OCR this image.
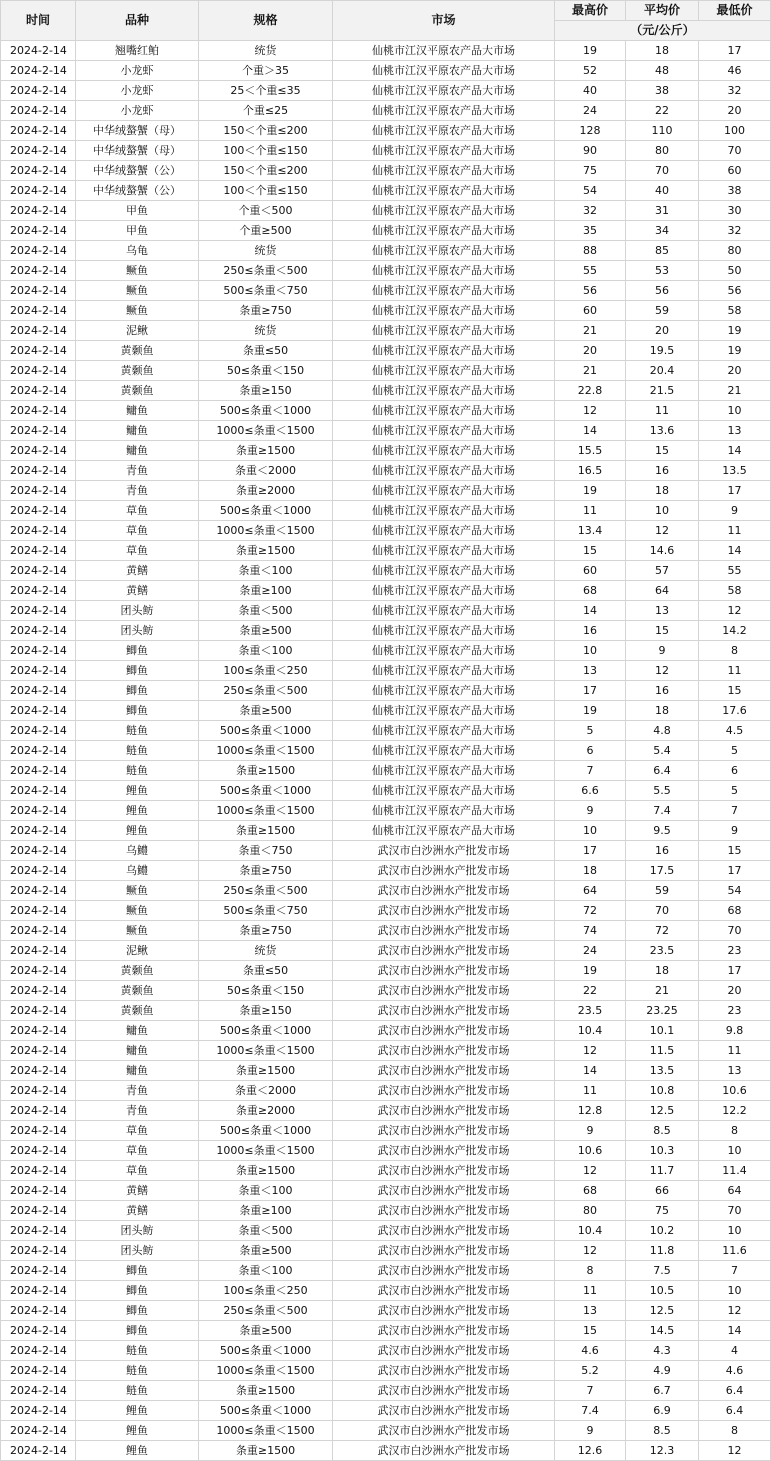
时间	品种	规格	市场	最高价	平均价	最低价
				（元/公斤）		
2024-2-14	翘嘴红鲌	统货	仙桃市江汉平原农产品大市场	19	18	17
2024-2-14	小龙虾	个重＞35	仙桃市江汉平原农产品大市场	52	48	46
2024-2-14	小龙虾	25＜个重≤35	仙桃市江汉平原农产品大市场	40	38	32
2024-2-14	小龙虾	个重≤25	仙桃市江汉平原农产品大市场	24	22	20
2024-2-14	中华绒螯蟹（母）	150＜个重≤200	仙桃市江汉平原农产品大市场	128	110	100
2024-2-14	中华绒螯蟹（母）	100＜个重≤150	仙桃市江汉平原农产品大市场	90	80	70
2024-2-14	中华绒螯蟹（公）	150＜个重≤200	仙桃市江汉平原农产品大市场	75	70	60
2024-2-14	中华绒螯蟹（公）	100＜个重≤150	仙桃市江汉平原农产品大市场	54	40	38
2024-2-14	甲鱼	个重＜500	仙桃市江汉平原农产品大市场	32	31	30
2024-2-14	甲鱼	个重≥500	仙桃市江汉平原农产品大市场	35	34	32
2024-2-14	乌龟	统货	仙桃市江汉平原农产品大市场	88	85	80
2024-2-14	鳜鱼	250≤条重＜500	仙桃市江汉平原农产品大市场	55	53	50
2024-2-14	鳜鱼	500≤条重＜750	仙桃市江汉平原农产品大市场	56	56	56
2024-2-14	鳜鱼	条重≥750	仙桃市江汉平原农产品大市场	60	59	58
2024-2-14	泥鳅	统货	仙桃市江汉平原农产品大市场	21	20	19
2024-2-14	黄颡鱼	条重≤50	仙桃市江汉平原农产品大市场	20	19.5	19
2024-2-14	黄颡鱼	50≤条重＜150	仙桃市江汉平原农产品大市场	21	20.4	20
2024-2-14	黄颡鱼	条重≥150	仙桃市江汉平原农产品大市场	22.8	21.5	21
2024-2-14	鳙鱼	500≤条重＜1000	仙桃市江汉平原农产品大市场	12	11	10
2024-2-14	鳙鱼	1000≤条重＜1500	仙桃市江汉平原农产品大市场	14	13.6	13
2024-2-14	鳙鱼	条重≥1500	仙桃市江汉平原农产品大市场	15.5	15	14
2024-2-14	青鱼	条重＜2000	仙桃市江汉平原农产品大市场	16.5	16	13.5
2024-2-14	青鱼	条重≥2000	仙桃市江汉平原农产品大市场	19	18	17
2024-2-14	草鱼	500≤条重＜1000	仙桃市江汉平原农产品大市场	11	10	9
2024-2-14	草鱼	1000≤条重＜1500	仙桃市江汉平原农产品大市场	13.4	12	11
2024-2-14	草鱼	条重≥1500	仙桃市江汉平原农产品大市场	15	14.6	14
2024-2-14	黄鳝	条重＜100	仙桃市江汉平原农产品大市场	60	57	55
2024-2-14	黄鳝	条重≥100	仙桃市江汉平原农产品大市场	68	64	58
2024-2-14	团头鲂	条重＜500	仙桃市江汉平原农产品大市场	14	13	12
2024-2-14	团头鲂	条重≥500	仙桃市江汉平原农产品大市场	16	15	14.2
2024-2-14	鲫鱼	条重＜100	仙桃市江汉平原农产品大市场	10	9	8
2024-2-14	鲫鱼	100≤条重＜250	仙桃市江汉平原农产品大市场	13	12	11
2024-2-14	鲫鱼	250≤条重＜500	仙桃市江汉平原农产品大市场	17	16	15
2024-2-14	鲫鱼	条重≥500	仙桃市江汉平原农产品大市场	19	18	17.6
2024-2-14	鲢鱼	500≤条重＜1000	仙桃市江汉平原农产品大市场	5	4.8	4.5
2024-2-14	鲢鱼	1000≤条重＜1500	仙桃市江汉平原农产品大市场	6	5.4	5
2024-2-14	鲢鱼	条重≥1500	仙桃市江汉平原农产品大市场	7	6.4	6
2024-2-14	鲤鱼	500≤条重＜1000	仙桃市江汉平原农产品大市场	6.6	5.5	5
2024-2-14	鲤鱼	1000≤条重＜1500	仙桃市江汉平原农产品大市场	9	7.4	7
2024-2-14	鲤鱼	条重≥1500	仙桃市江汉平原农产品大市场	10	9.5	9
2024-2-14	乌鳢	条重＜750	武汉市白沙洲水产批发市场	17	16	15
2024-2-14	乌鳢	条重≥750	武汉市白沙洲水产批发市场	18	17.5	17
2024-2-14	鳜鱼	250≤条重＜500	武汉市白沙洲水产批发市场	64	59	54
2024-2-14	鳜鱼	500≤条重＜750	武汉市白沙洲水产批发市场	72	70	68
2024-2-14	鳜鱼	条重≥750	武汉市白沙洲水产批发市场	74	72	70
2024-2-14	泥鳅	统货	武汉市白沙洲水产批发市场	24	23.5	23
2024-2-14	黄颡鱼	条重≤50	武汉市白沙洲水产批发市场	19	18	17
2024-2-14	黄颡鱼	50≤条重＜150	武汉市白沙洲水产批发市场	22	21	20
2024-2-14	黄颡鱼	条重≥150	武汉市白沙洲水产批发市场	23.5	23.25	23
2024-2-14	鳙鱼	500≤条重＜1000	武汉市白沙洲水产批发市场	10.4	10.1	9.8
2024-2-14	鳙鱼	1000≤条重＜1500	武汉市白沙洲水产批发市场	12	11.5	11
2024-2-14	鳙鱼	条重≥1500	武汉市白沙洲水产批发市场	14	13.5	13
2024-2-14	青鱼	条重＜2000	武汉市白沙洲水产批发市场	11	10.8	10.6
2024-2-14	青鱼	条重≥2000	武汉市白沙洲水产批发市场	12.8	12.5	12.2
2024-2-14	草鱼	500≤条重＜1000	武汉市白沙洲水产批发市场	9	8.5	8
2024-2-14	草鱼	1000≤条重＜1500	武汉市白沙洲水产批发市场	10.6	10.3	10
2024-2-14	草鱼	条重≥1500	武汉市白沙洲水产批发市场	12	11.7	11.4
2024-2-14	黄鳝	条重＜100	武汉市白沙洲水产批发市场	68	66	64
2024-2-14	黄鳝	条重≥100	武汉市白沙洲水产批发市场	80	75	70
2024-2-14	团头鲂	条重＜500	武汉市白沙洲水产批发市场	10.4	10.2	10
2024-2-14	团头鲂	条重≥500	武汉市白沙洲水产批发市场	12	11.8	11.6
2024-2-14	鲫鱼	条重＜100	武汉市白沙洲水产批发市场	8	7.5	7
2024-2-14	鲫鱼	100≤条重＜250	武汉市白沙洲水产批发市场	11	10.5	10
2024-2-14	鲫鱼	250≤条重＜500	武汉市白沙洲水产批发市场	13	12.5	12
2024-2-14	鲫鱼	条重≥500	武汉市白沙洲水产批发市场	15	14.5	14
2024-2-14	鲢鱼	500≤条重＜1000	武汉市白沙洲水产批发市场	4.6	4.3	4
2024-2-14	鲢鱼	1000≤条重＜1500	武汉市白沙洲水产批发市场	5.2	4.9	4.6
2024-2-14	鲢鱼	条重≥1500	武汉市白沙洲水产批发市场	7	6.7	6.4
2024-2-14	鲤鱼	500≤条重＜1000	武汉市白沙洲水产批发市场	7.4	6.9	6.4
2024-2-14	鲤鱼	1000≤条重＜1500	武汉市白沙洲水产批发市场	9	8.5	8
2024-2-14	鲤鱼	条重≥1500	武汉市白沙洲水产批发市场	12.6	12.3	12
